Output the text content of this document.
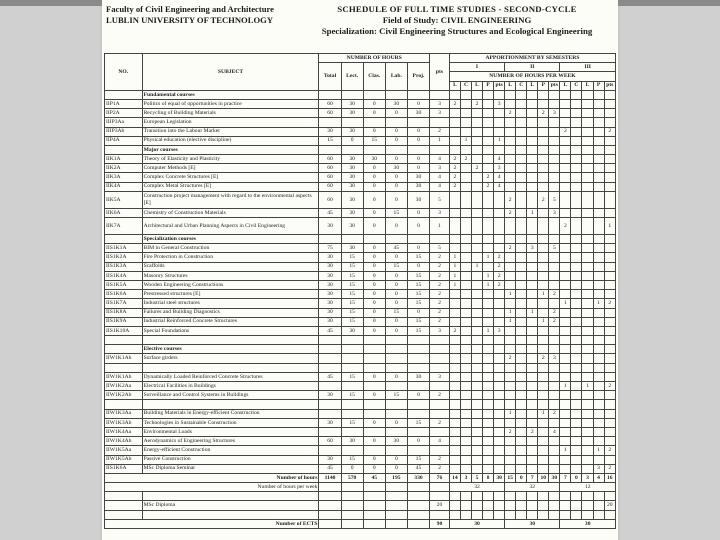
Faculty of Civil Engineering and Architecture
LUBLIN UNIVERSITY OF TECHNOLOGY
SCHEDULE OF FULL TIME STUDIES - SECOND-CYCLE
Field of Study: CIVIL ENGINEERING
Specialization: Civil Engineering Structures and Ecological Engineering
NO.	SUBJECT	NUMBER OF HOURS					pts	APPORTIONMENT BY SEMESTERS														
		Total	Lect.	Clas.	Lab.	Proj.		I					II					III				
								NUMBER OF HOURS PER WEEK														
								L	C	L	P	pts	L	C	L	P	pts	L	C	L	P	pts
	Fundamental courses																					
IIP1A	Politics of equal of opportunities in practice	60	30	0	30	0	3	2		2		3										
IIP2A	Recycling of Building Materials	60	30	0	0	30	3						2			2	3					
IIIP3Aa	European Legislation																					
IIIP3Ab	Transition into the Labour Market	30	30	0	0	0	2											2				2
IIP4A	Physical education (elective discipline)	15	0	15	0	0	1		1			1										
	Major courses																					
IIK1A	Theory of Elasticity and Plasticity	60	30	30	0	0	4	2	2			4										
IIK2A	Computer Methods [E]	60	30	0	30	0	3	2		2		3										
IIK3A	Complex Concrete Structures [E]	60	30	0	0	30	4	2			2	4										
IIK4A	Complex Metal Structures [E]	60	30	0	0	30	4	2			2	4										
IIK5A	Construction project management with regard to the environmental aspects [E]	60	30	0	0	30	5						2			2	5					
IIK6A	Chemistry of Construction Materials	45	30	0	15	0	3						2		1		3					
IIK7A	Architectural and Urban Planning Aspects in Civil Engineering	30	30	0	0	0	1											2				1
	Specialization courses																					
IIS1K1A	BIM in General Construction	75	30	0	45	0	5						2		3		5					
IIS1K2A	Fire Protection in Construction	30	15	0	0	15	2	1			1	2										
IIS1K3A	Scaffolds	30	15	0	15	0	2	1		1		2										
IIS1K4A	Masonry Structures	30	15	0	0	15	2	1			1	2										
IIS1K5A	Wooden Engineering Constructions	30	15	0	0	15	2	1			1	2										
IIS1K6A	Prestressed structures [E]	30	15	0	0	15	2						1			1	2					
IIS1K7A	Industrial steel structures	30	15	0	0	15	2											1			1	2
IIS1K8A	Failures and Building Diagnostics	30	15	0	15	0	2						1		1		2					
IIS1K9A	Industrial Reinforced Concrete Structures	30	15	0	0	15	2						1			1	2					
IIS1K10A	Special Foundations	45	30	0	0	15	3	2			1	3										

	Elective courses																					
IIW1K1Ab	Surface girders												2			2	3					

IIW1K1Ab	Dynamically Loaded Reinforced Concrete Structures	45	15	0	0	30	3															
IIW1K2Aa	Electrical Facilities in Buildings																	1		1		2
IIW1K2Ab	Surveillance and Control Systems in Buildings	30	15	0	15	0	2															

IIW1K3Aa	Building Materials in Energy-efficient Construction												1			1	2					
IIW1K3Ab	Technologies in Sustainable Construction	30	15	0	0	15	2															
IIW1K4Aa	Environmental Loads												2		2		4					
IIW1K4Ab	Aerodynamics of Engineering Structures	60	30	0	30	0	4															
IIW1K5Aa	Energy-efficient Construction																	1			1	2
IIW1K5Ab	Passive Construction	30	15	0	0	15	2															
IIS1K6A	MSc Diploma Seminar	45	0	0	0	45	2														3	2
Number of hours		1140	570	45	195	330	76	14	3	5	8	30	15	0	7	10	30	7	0	3	4	16
Number of hours per week								32					32					12				

	MSc Diploma						20															20

Number of ECTS							90	30					30					30				
